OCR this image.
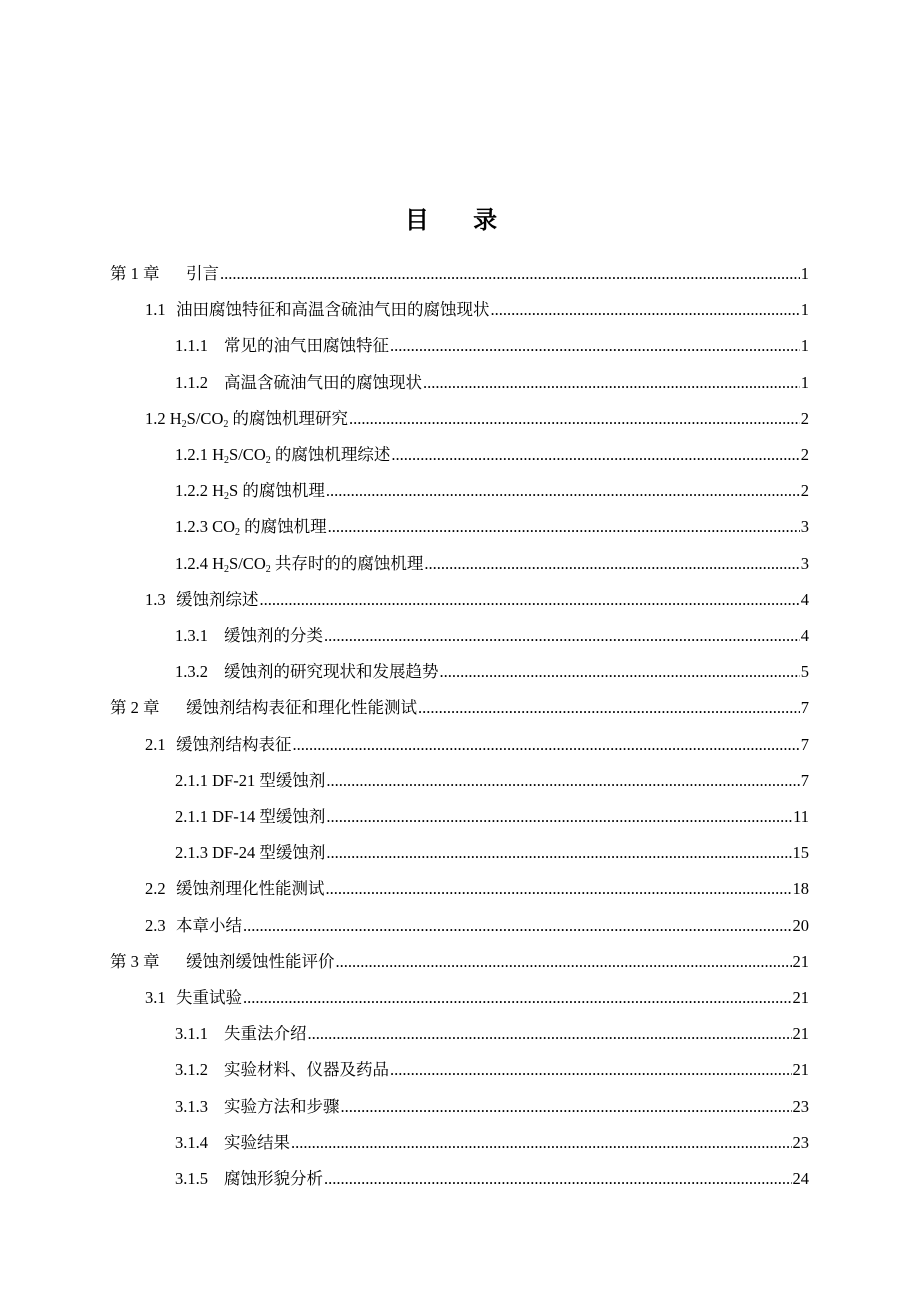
目 录
第 1 章 引言 .....	1
1.1 油田腐蚀特征和高温含硫油气田的腐蚀现状 .....	1
1.1.1 常见的油气田腐蚀特征 .....	1
1.1.2 高温含硫油气田的腐蚀现状 .....	1
1.2 $H_2S/CO_2$ 的腐蚀机理研究 .....	2
1.2.1 $H_2S/CO_2$ 的腐蚀机理综述 .....	2
1.2.2 $H_2S$ 的腐蚀机理 .....	2
1.2.3 $CO_2$ 的腐蚀机理 .....	3
1.2.4 $H_2S/CO_2$ 共存时的的腐蚀机理 .....	3
1.3 缓蚀剂综述 .....	4
1.3.1 缓蚀剂的分类 .....	4
1.3.2 缓蚀剂的研究现状和发展趋势 .....	5
第 2 章 缓蚀剂结构表征和理化性能测试 .....	7
2.1 缓蚀剂结构表征 .....	7
2.1.1 DF-21 型缓蚀剂 .....	7
2.1.1 DF-14 型缓蚀剂 .....	11
2.1.3 DF-24 型缓蚀剂 .....	15
2.2 缓蚀剂理化性能测试 .....	18
2.3 本章小结 .....	20
第 3 章 缓蚀剂缓蚀性能评价 .....	21
3.1 失重试验 .....	21
3.1.1 失重法介绍 .....	21
3.1.2 实验材料、仪器及药品 .....	21
3.1.3 实验方法和步骤 .....	23
3.1.4 实验结果 .....	23
3.1.5 腐蚀形貌分析 .....	24
